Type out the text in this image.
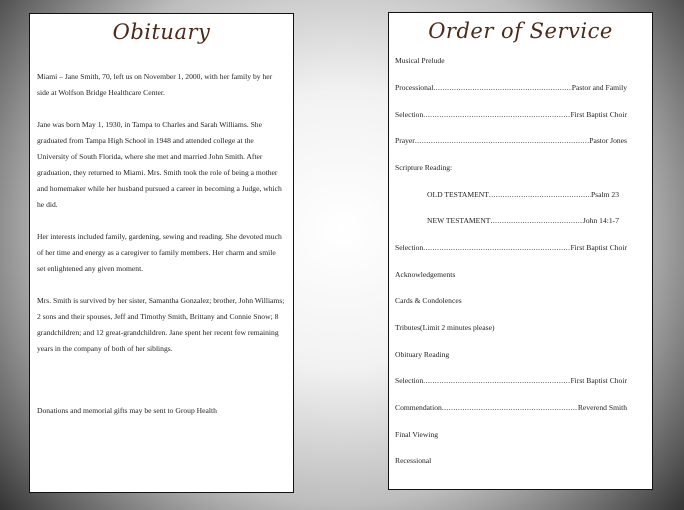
Obituary

Miami – Jane Smith, 70, left us on November 1, 2000, with her family by her side at Wolfson Bridge Healthcare Center.

Jane was born May 1, 1930, in Tampa to Charles and Sarah Williams. She graduated from Tampa High School in 1948 and attended college at the University of South Florida, where she met and married John Smith. After graduation, they returned to Miami. Mrs. Smith took the role of being a mother and homemaker while her husband pursued a career in becoming a Judge, which he did.

Her interests included family, gardening, sewing and reading. She devoted much of her time and energy as a caregiver to family members. Her charm and smile set enlightened any given moment.

Mrs. Smith is survived by her sister, Samantha Gonzalez; brother, John Williams; 2 sons and their spouses, Jeff and Timothy Smith, Brittany and Connie Snow; 8 grandchildren; and 12 great-grandchildren. Jane spent her recent few remaining years in the company of both of her siblings.

Donations and memorial gifts may be sent to Group Health

Order of Service
Musical Prelude
Processional .....	Pastor and Family
Selection .....	First Baptist Choir
Prayer .....	Pastor Jones
Scripture Reading:
OLD TESTAMENT .....	Psalm 23
NEW TESTAMENT .....	John 14:1-7
Selection .....	First Baptist Choir
Acknowledgements
Cards & Condolences
Tributes(Limit 2 minutes please)
Obituary Reading
Selection .....	First Baptist Choir
Commendation .....	Reverend Smith
Final Viewing
Recessional
